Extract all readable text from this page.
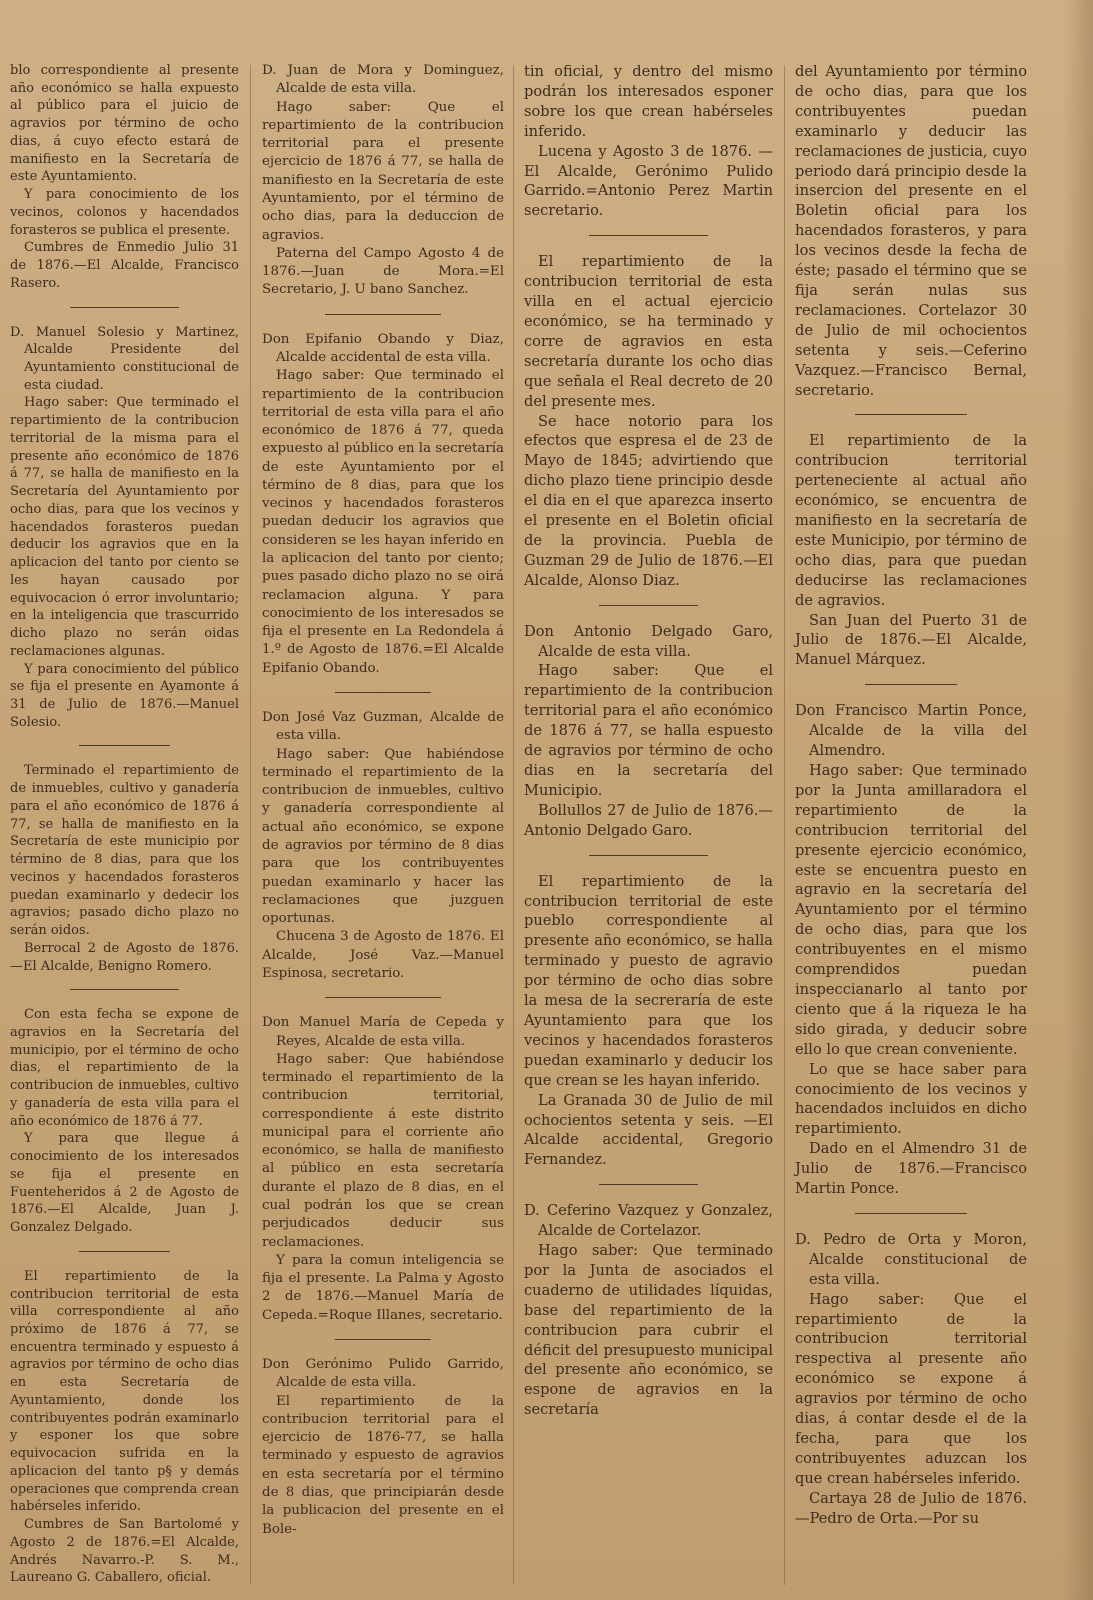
blo correspondiente al presente año económico se halla expuesto al público para el juicio de agravios por término de ocho dias, á cuyo efecto estará de manifiesto en la Secretaría de este Ayuntamiento.

Y para conocimiento de los vecinos, colonos y hacendados forasteros se publica el presente.

Cumbres de Enmedio Julio 31 de 1876.—El Alcalde, Francisco Rasero.

D. Manuel Solesio y Martinez, Alcalde Presidente del Ayuntamiento constitucional de esta ciudad.

Hago saber: Que terminado el repartimiento de la contribucion territorial de la misma para el presente año económico de 1876 á 77, se halla de manifiesto en la Secretaría del Ayuntamiento por ocho dias, para que los vecinos y hacendados forasteros puedan deducir los agravios que en la aplicacion del tanto por ciento se les hayan causado por equivocacion ó error involuntario; en la inteligencia que trascurrido dicho plazo no serán oidas reclamaciones algunas.

Y para conocimiento del público se fija el presente en Ayamonte á 31 de Julio de 1876.—Manuel Solesio.

Terminado el repartimiento de de inmuebles, cultivo y ganadería para el año económico de 1876 á 77, se halla de manifiesto en la Secretaría de este municipio por término de 8 dias, para que los vecinos y hacendados forasteros puedan examinarlo y dedecir los agravios; pasado dicho plazo no serán oidos.

Berrocal 2 de Agosto de 1876. —El Alcalde, Benigno Romero.

Con esta fecha se expone de agravios en la Secretaría del municipio, por el término de ocho dias, el repartimiento de la contribucion de inmuebles, cultivo y ganadería de esta villa para el año económico de 1876 á 77.

Y para que llegue á conocimiento de los interesados se fija el presente en Fuenteheridos á 2 de Agosto de 1876.—El Alcalde, Juan J. Gonzalez Delgado.

El repartimiento de la contribucion territorial de esta villa correspondiente al año próximo de 1876 á 77, se encuentra terminado y espuesto á agravios por término de ocho dias en esta Secretaría de Ayuntamiento, donde los contribuyentes podrán examinarlo y esponer los que sobre equivocacion sufrida en la aplicacion del tanto p§ y demás operaciones que comprenda crean habérseles inferido.

Cumbres de San Bartolomé y Agosto 2 de 1876.=El Alcalde, Andrés Navarro.-P. S. M., Laureano G. Caballero, oficial.

D. Juan de Mora y Dominguez, Alcalde de esta villa.

Hago saber: Que el repartimiento de la contribucion territorial para el presente ejercicio de 1876 á 77, se halla de manifiesto en la Secretaría de este Ayuntamiento, por el término de ocho dias, para la deduccion de agravios.

Paterna del Campo Agosto 4 de 1876.—Juan de Mora.=El Secretario, J. U bano Sanchez.

Don Epifanio Obando y Diaz, Alcalde accidental de esta villa.

Hago saber: Que terminado el repartimiento de la contribucion territorial de esta villa para el año económico de 1876 á 77, queda expuesto al público en la secretaría de este Ayuntamiento por el término de 8 dias, para que los vecinos y hacendados forasteros puedan deducir los agravios que consideren se les hayan inferido en la aplicacion del tanto por ciento; pues pasado dicho plazo no se oirá reclamacion alguna. Y para conocimiento de los interesados se fija el presente en La Redondela á 1.º de Agosto de 1876.=El Alcalde Epifanio Obando.

Don José Vaz Guzman, Alcalde de esta villa.

Hago saber: Que habiéndose terminado el repartimiento de la contribucion de inmuebles, cultivo y ganadería correspondiente al actual año económico, se expone de agravios por término de 8 dias para que los contribuyentes puedan examinarlo y hacer las reclamaciones que juzguen oportunas.

Chucena 3 de Agosto de 1876. El Alcalde, José Vaz.—Manuel Espinosa, secretario.

Don Manuel María de Cepeda y Reyes, Alcalde de esta villa.

Hago saber: Que habiéndose terminado el repartimiento de la contribucion territorial, correspondiente á este distrito municipal para el corriente año económico, se halla de manifiesto al público en esta secretaría durante el plazo de 8 dias, en el cual podrán los que se crean perjudicados deducir sus reclamaciones.

Y para la comun inteligencia se fija el presente. La Palma y Agosto 2 de 1876.—Manuel María de Cepeda.=Roque Illanes, secretario.

Don Gerónimo Pulido Garrido, Alcalde de esta villa.

El repartimiento de la contribucion territorial para el ejercicio de 1876-77, se halla terminado y espuesto de agravios en esta secretaría por el término de 8 dias, que principiarán desde la publicacion del presente en el Bole-

tin oficial, y dentro del mismo podrán los interesados esponer sobre los que crean habérseles inferido.

Lucena y Agosto 3 de 1876. —El Alcalde, Gerónimo Pulido Garrido.=Antonio Perez Martin secretario.

El repartimiento de la contribucion territorial de esta villa en el actual ejercicio económico, se ha terminado y corre de agravios en esta secretaría durante los ocho dias que señala el Real decreto de 20 del presente mes.

Se hace notorio para los efectos que espresa el de 23 de Mayo de 1845; advirtiendo que dicho plazo tiene principio desde el dia en el que aparezca inserto el presente en el Boletin oficial de la provincia. Puebla de Guzman 29 de Julio de 1876.—El Alcalde, Alonso Diaz.

Don Antonio Delgado Garo, Alcalde de esta villa.

Hago saber: Que el repartimiento de la contribucion territorial para el año económico de 1876 á 77, se halla espuesto de agravios por término de ocho dias en la secretaría del Municipio.

Bollullos 27 de Julio de 1876.—Antonio Delgado Garo.

El repartimiento de la contribucion territorial de este pueblo correspondiente al presente año económico, se halla terminado y puesto de agravio por término de ocho dias sobre la mesa de la secreraría de este Ayuntamiento para que los vecinos y hacendados forasteros puedan examinarlo y deducir los que crean se les hayan inferido.

La Granada 30 de Julio de mil ochocientos setenta y seis. —El Alcalde accidental, Gregorio Fernandez.

D. Ceferino Vazquez y Gonzalez, Alcalde de Cortelazor.

Hago saber: Que terminado por la Junta de asociados el cuaderno de utilidades líquidas, base del repartimiento de la contribucion para cubrir el déficit del presupuesto municipal del presente año económico, se espone de agravios en la secretaría

del Ayuntamiento por término de ocho dias, para que los contribuyentes puedan examinarlo y deducir las reclamaciones de justicia, cuyo periodo dará principio desde la insercion del presente en el Boletin oficial para los hacendados forasteros, y para los vecinos desde la fecha de éste; pasado el término que se fija serán nulas sus reclamaciones. Cortelazor 30 de Julio de mil ochocientos setenta y seis.—Ceferino Vazquez.—Francisco Bernal, secretario.

El repartimiento de la contribucion territorial perteneciente al actual año económico, se encuentra de manifiesto en la secretaría de este Municipio, por término de ocho dias, para que puedan deducirse las reclamaciones de agravios.

San Juan del Puerto 31 de Julio de 1876.—El Alcalde, Manuel Márquez.

Don Francisco Martin Ponce, Alcalde de la villa del Almendro.

Hago saber: Que terminado por la Junta amillaradora el repartimiento de la contribucion territorial del presente ejercicio económico, este se encuentra puesto en agravio en la secretaría del Ayuntamiento por el término de ocho dias, para que los contribuyentes en el mismo comprendidos puedan inspeccianarlo al tanto por ciento que á la riqueza le ha sido girada, y deducir sobre ello lo que crean conveniente.

Lo que se hace saber para conocimiento de los vecinos y hacendados incluidos en dicho repartimiento.

Dado en el Almendro 31 de Julio de 1876.—Francisco Martin Ponce.

D. Pedro de Orta y Moron, Alcalde constitucional de esta villa.

Hago saber: Que el repartimiento de la contribucion territorial respectiva al presente año económico se expone á agravios por término de ocho dias, á contar desde el de la fecha, para que los contribuyentes aduzcan los que crean habérseles inferido.

Cartaya 28 de Julio de 1876. —Pedro de Orta.—Por su
